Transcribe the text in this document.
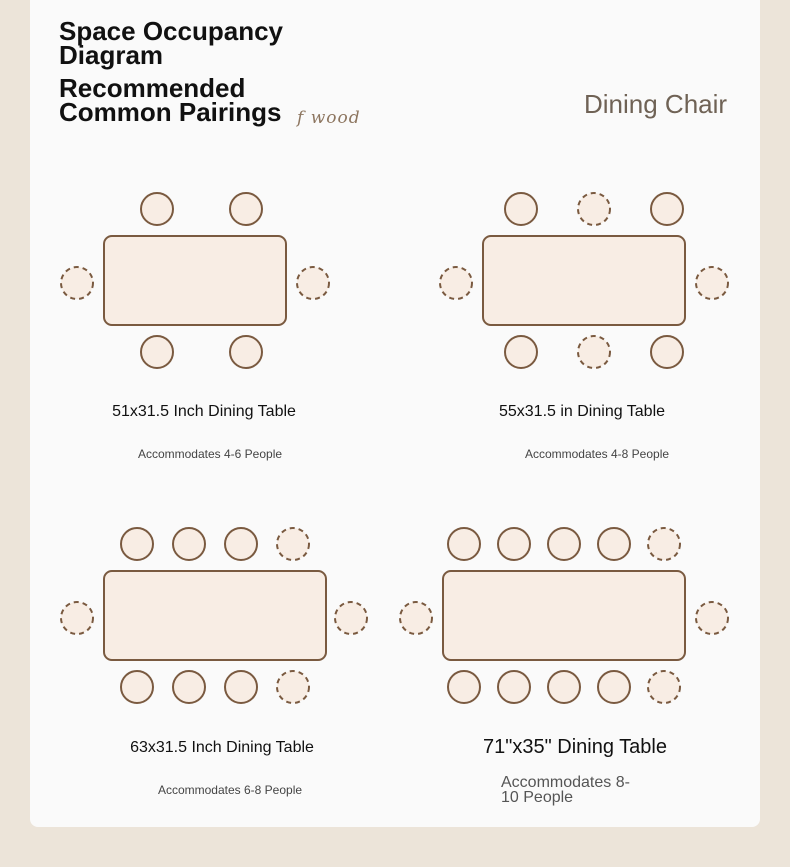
Space Occupancy Diagram
Recommended Common Pairings f wood	Dining Chair
51x31.5 Inch Dining Table
Accommodates 4-6 People
55x31.5 in Dining Table
Accommodates 4-8 People
63x31.5 Inch Dining Table
Accommodates 6-8 People
71"x35" Dining Table
Accommodates 8-10 People
